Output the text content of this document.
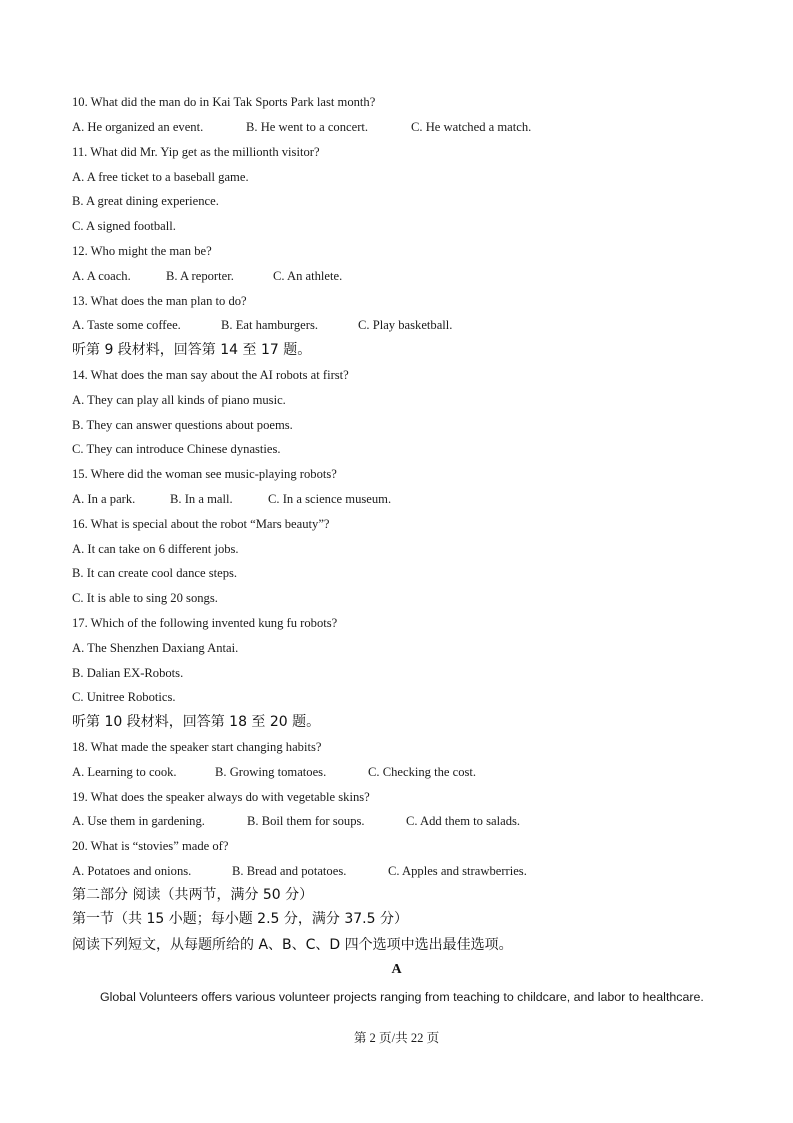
10. What did the man do in Kai Tak Sports Park last month?
A. He organized an event.	B. He went to a concert.	C. He watched a match.
11. What did Mr. Yip get as the millionth visitor?
A. A free ticket to a baseball game.
B. A great dining experience.
C. A signed football.
12. Who might the man be?
A. A coach.	B. A reporter.	C. An athlete.
13. What does the man plan to do?
A. Taste some coffee.	B. Eat hamburgers.	C. Play basketball.
听第 9 段材料，回答第 14 至 17 题。
14. What does the man say about the AI robots at first?
A. They can play all kinds of piano music.
B. They can answer questions about poems.
C. They can introduce Chinese dynasties.
15. Where did the woman see music-playing robots?
A. In a park.	B. In a mall.	C. In a science museum.
16. What is special about the robot “Mars beauty”?
A. It can take on 6 different jobs.
B. It can create cool dance steps.
C. It is able to sing 20 songs.
17. Which of the following invented kung fu robots?
A. The Shenzhen Daxiang Antai.
B. Dalian EX-Robots.
C. Unitree Robotics.
听第 10 段材料，回答第 18 至 20 题。
18. What made the speaker start changing habits?
A. Learning to cook.	B. Growing tomatoes.	C. Checking the cost.
19. What does the speaker always do with vegetable skins?
A. Use them in gardening.	B. Boil them for soups.	C. Add them to salads.
20. What is “stovies” made of?
A. Potatoes and onions.	B. Bread and potatoes.	C. Apples and strawberries.
第二部分 阅读（共两节，满分 50 分）
第一节（共 15 小题；每小题 2.5 分，满分 37.5 分）
阅读下列短文，从每题所给的 A、B、C、D 四个选项中选出最佳选项。
A
Global Volunteers offers various volunteer projects ranging from teaching to childcare, and labor to healthcare.
第 2 页/共 22 页
